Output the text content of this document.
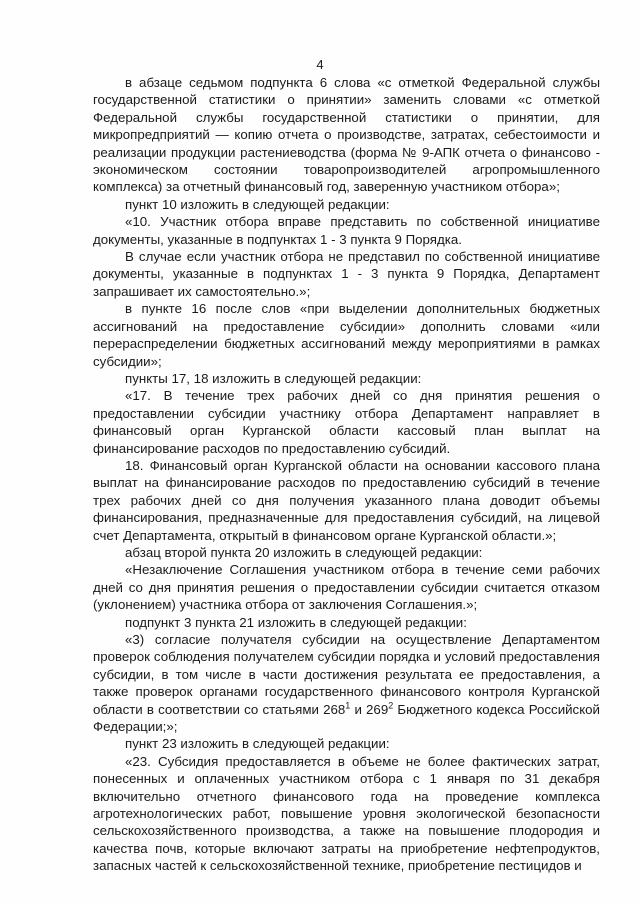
4

в абзаце седьмом подпункта 6 слова «с отметкой Федеральной службы государственной статистики о принятии» заменить словами «с отметкой Федеральной службы государственной статистики о принятии, для микропредприятий — копию отчета о производстве, затратах, себестоимости и реализации продукции растениеводства (форма № 9-АПК отчета о финансово - экономическом состоянии товаропроизводителей агропромышленного комплекса) за отчетный финансовый год, заверенную участником отбора»;

пункт 10 изложить в следующей редакции:

«10. Участник отбора вправе представить по собственной инициативе документы, указанные в подпунктах 1 - 3 пункта 9 Порядка.

В случае если участник отбора не представил по собственной инициативе документы, указанные в подпунктах 1 - 3 пункта 9 Порядка, Департамент запрашивает их самостоятельно.»;

в пункте 16 после слов «при выделении дополнительных бюджетных ассигнований на предоставление субсидии» дополнить словами «или перераспределении бюджетных ассигнований между мероприятиями в рамках субсидии»;

пункты 17, 18 изложить в следующей редакции:

«17. В течение трех рабочих дней со дня принятия решения о предоставлении субсидии участнику отбора Департамент направляет в финансовый орган Курганской области кассовый план выплат на финансирование расходов по предоставлению субсидий.

18. Финансовый орган Курганской области на основании кассового плана выплат на финансирование расходов по предоставлению субсидий в течение трех рабочих дней со дня получения указанного плана доводит объемы финансирования, предназначенные для предоставления субсидий, на лицевой счет Департамента, открытый в финансовом органе Курганской области.»;

абзац второй пункта 20 изложить в следующей редакции:

«Незаключение Соглашения участником отбора в течение семи рабочих дней со дня принятия решения о предоставлении субсидии считается отказом (уклонением) участника отбора от заключения Соглашения.»;

подпункт 3 пункта 21 изложить в следующей редакции:

«3) согласие получателя субсидии на осуществление Департаментом проверок соблюдения получателем субсидии порядка и условий предоставления субсидии, в том числе в части достижения результата ее предоставления, а также проверок органами государственного финансового контроля Курганской области в соответствии со статьями $268^1$ и $269^2$ Бюджетного кодекса Российской Федерации;»;

пункт 23 изложить в следующей редакции:

«23. Субсидия предоставляется в объеме не более фактических затрат, понесенных и оплаченных участником отбора с 1 января по 31 декабря включительно отчетного финансового года на проведение комплекса агротехнологических работ, повышение уровня экологической безопасности сельскохозяйственного производства, а также на повышение плодородия и качества почв, которые включают затраты на приобретение нефтепродуктов, запасных частей к сельскохозяйственной технике, приобретение пестицидов и
